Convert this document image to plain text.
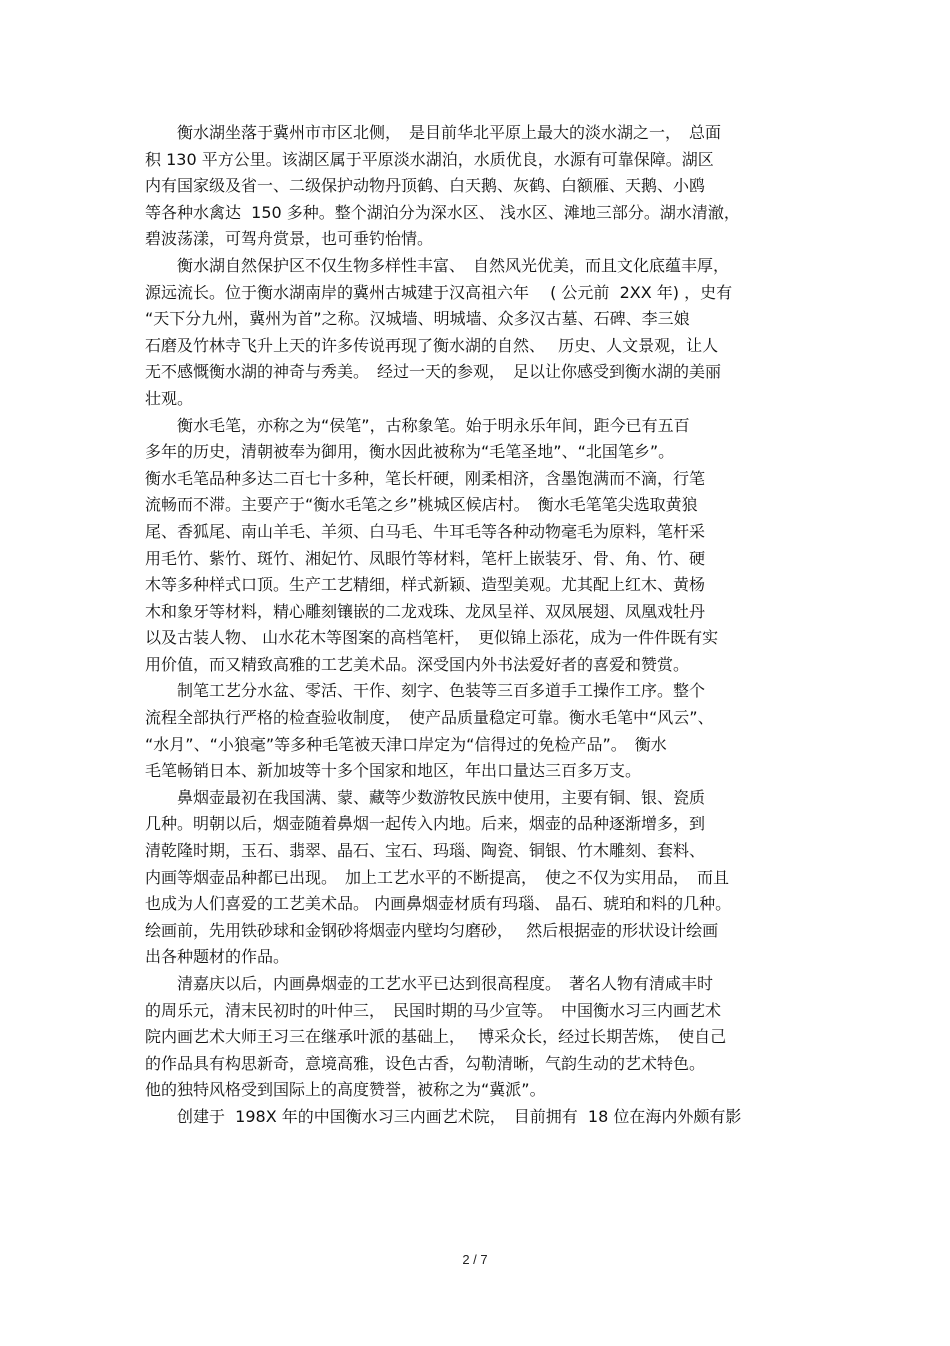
　　衡水湖坐落于冀州市市区北侧，　是目前华北平原上最大的淡水湖之一，　总面
积 130 平方公里。该湖区属于平原淡水湖泊，水质优良，水源有可靠保障。湖区
内有国家级及省一、二级保护动物丹顶鹤、白天鹅、灰鹤、白额雁、天鹅、小鸥
等各种水禽达  150 多种。整个湖泊分为深水区、 浅水区、滩地三部分。湖水清澈，
碧波荡漾，可驾舟赏景，也可垂钓怡情。
　　衡水湖自然保护区不仅生物多样性丰富、　自然风光优美，而且文化底蕴丰厚，
源远流长。位于衡水湖南岸的冀州古城建于汉高祖六年　 ( 公元前  2XX 年) ，史有
“天下分九州，冀州为首”之称。汉城墙、明城墙、众多汉古墓、石碑、李三娘
石磨及竹林寺飞升上天的许多传说再现了衡水湖的自然、　 历史、人文景观，让人
无不感慨衡水湖的神奇与秀美。　经过一天的参观，　足以让你感受到衡水湖的美丽
壮观。
　　衡水毛笔，亦称之为“侯笔”，古称象笔。始于明永乐年间，距今已有五百
多年的历史，清朝被奉为御用，衡水因此被称为“毛笔圣地”、“北国笔乡”。
衡水毛笔品种多达二百七十多种，笔长杆硬，刚柔相济，含墨饱满而不滴，行笔
流畅而不滞。主要产于“衡水毛笔之乡”桃城区候店村。　衡水毛笔笔尖选取黄狼
尾、香狐尾、南山羊毛、羊须、白马毛、牛耳毛等各种动物毫毛为原料，笔杆采
用毛竹、紫竹、斑竹、湘妃竹、凤眼竹等材料，笔杆上嵌装牙、骨、角、竹、硬
木等多种样式口顶。生产工艺精细，样式新颖、造型美观。尤其配上红木、黄杨
木和象牙等材料，精心雕刻镶嵌的二龙戏珠、龙凤呈祥、双凤展翅、凤凰戏牡丹
以及古装人物、 山水花木等图案的高档笔杆，　更似锦上添花，成为一件件既有实
用价值，而又精致高雅的工艺美术品。深受国内外书法爱好者的喜爱和赞赏。
　　制笔工艺分水盆、零活、干作、刻字、色装等三百多道手工操作工序。整个
流程全部执行严格的检查验收制度，　使产品质量稳定可靠。衡水毛笔中“风云”、
“水月”、“小狼毫”等多种毛笔被天津口岸定为“信得过的免检产品”。　衡水
毛笔畅销日本、新加坡等十多个国家和地区，年出口量达三百多万支。
　　鼻烟壶最初在我国满、蒙、藏等少数游牧民族中使用，主要有铜、银、瓷质
几种。明朝以后，烟壶随着鼻烟一起传入内地。后来，烟壶的品种逐渐增多，到
清乾隆时期，玉石、翡翠、晶石、宝石、玛瑙、陶瓷、铜银、竹木雕刻、套料、
内画等烟壶品种都已出现。　加上工艺水平的不断提高，　使之不仅为实用品，　而且
也成为人们喜爱的工艺美术品。 内画鼻烟壶材质有玛瑙、 晶石、琥珀和料的几种。
绘画前，先用铁砂球和金钢砂将烟壶内壁均匀磨砂，　 然后根据壶的形状设计绘画
出各种题材的作品。
　　清嘉庆以后，内画鼻烟壶的工艺水平已达到很高程度。　著名人物有清咸丰时
的周乐元，清末民初时的叶仲三，　民国时期的马少宣等。　中国衡水习三内画艺术
院内画艺术大师王习三在继承叶派的基础上，　 博采众长，经过长期苦炼，　使自己
的作品具有构思新奇，意境高雅，设色古香，勾勒清晰，气韵生动的艺术特色。
他的独特风格受到国际上的高度赞誉，被称之为“冀派”。
　　创建于  198X 年的中国衡水习三内画艺术院，　目前拥有  18 位在海内外颇有影
2 / 7
